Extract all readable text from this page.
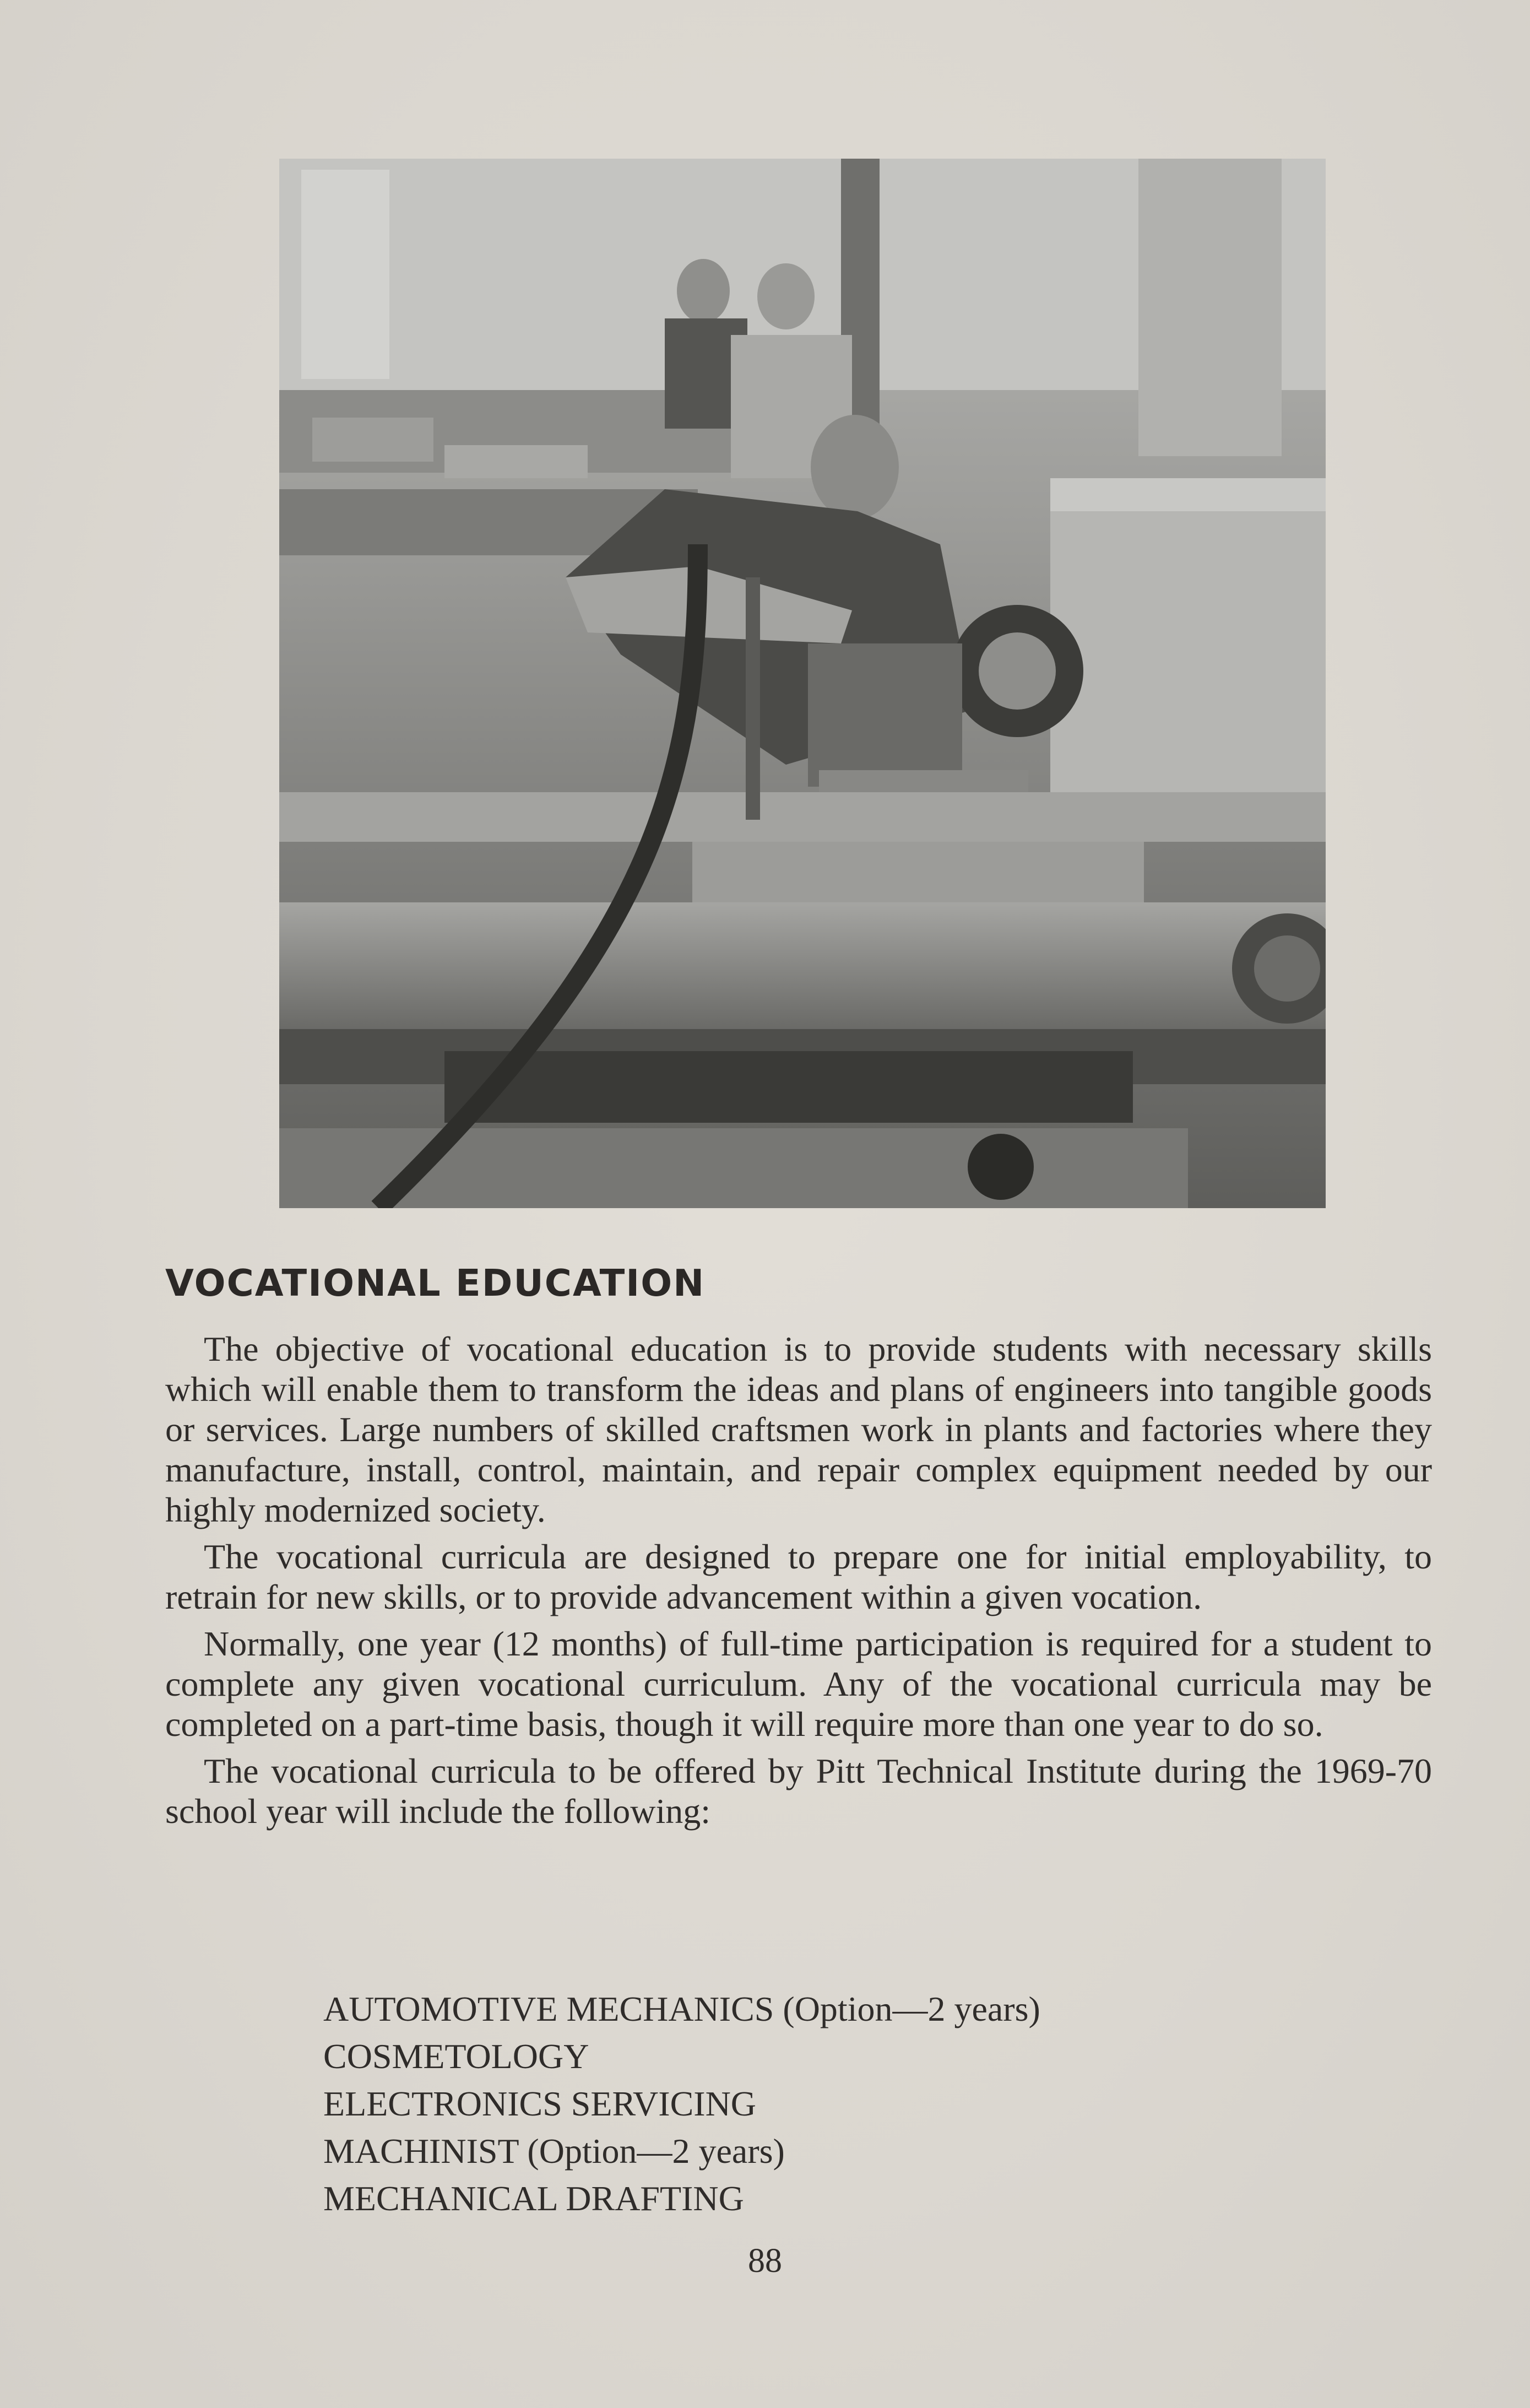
VOCATIONAL EDUCATION

The objective of vocational education is to provide students with necessary skills which will enable them to transform the ideas and plans of engineers into tangible goods or services. Large numbers of skilled craftsmen work in plants and factories where they manufacture, install, control, maintain, and repair complex equipment needed by our highly modernized society.

The vocational curricula are designed to prepare one for initial employability, to retrain for new skills, or to provide advancement within a given vocation.

Normally, one year (12 months) of full-time participation is required for a student to complete any given vocational curriculum. Any of the vocational curricula may be completed on a part-time basis, though it will require more than one year to do so.

The vocational curricula to be offered by Pitt Technical Institute during the 1969-70 school year will include the following:

AUTOMOTIVE MECHANICS (Option—2 years)
COSMETOLOGY
ELECTRONICS SERVICING
MACHINIST (Option—2 years)
MECHANICAL DRAFTING
88
